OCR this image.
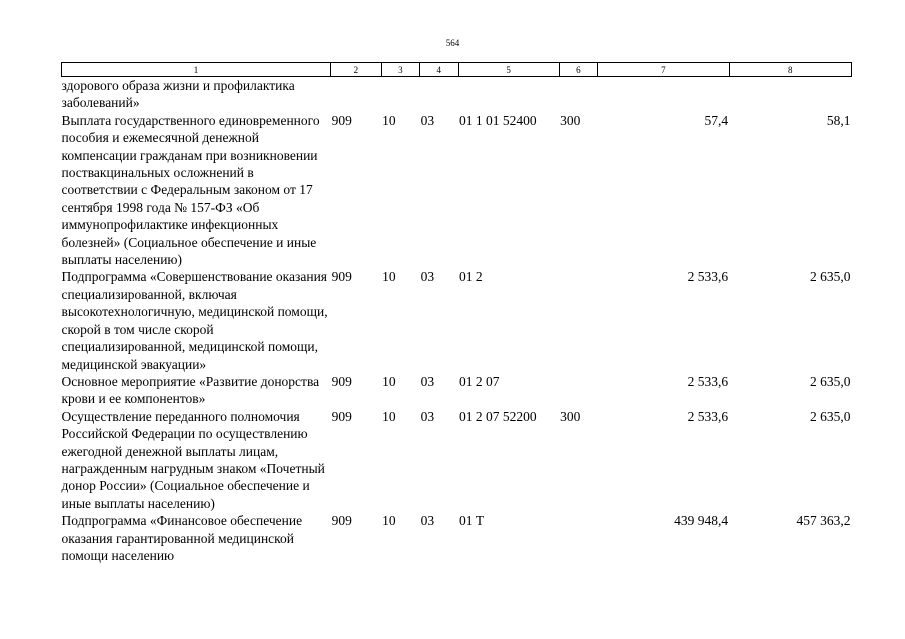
564
1	2	3	4	5	6	7	8
здорового образа жизни и профилактика заболеваний»							
Выплата государственного единовременного пособия и ежемесячной денежной компенсации гражданам при возникновении поствакцинальных осложнений в соответствии с Федеральным законом от 17 сентября 1998 года № 157-ФЗ «Об иммунопрофилактике инфекционных болезней» (Социальное обеспечение и иные выплаты населению)	909	10	03	01 1 01 52400	300	57,4	58,1
Подпрограмма «Совершенствование оказания специализированной, включая высокотехнологичную, медицинской помощи, скорой в том числе скорой специализированной, медицинской помощи, медицинской эвакуации»	909	10	03	01 2		2 533,6	2 635,0
Основное мероприятие «Развитие донорства крови и ее компонентов»	909	10	03	01 2 07		2 533,6	2 635,0
Осуществление переданного полномочия Российской Федерации по осуществлению ежегодной денежной выплаты лицам, награжденным нагрудным знаком «Почетный донор России» (Социальное обеспечение и иные выплаты населению)	909	10	03	01 2 07 52200	300	2 533,6	2 635,0
Подпрограмма «Финансовое обеспечение оказания гарантированной медицинской помощи населению	909	10	03	01 Т		439 948,4	457 363,2
